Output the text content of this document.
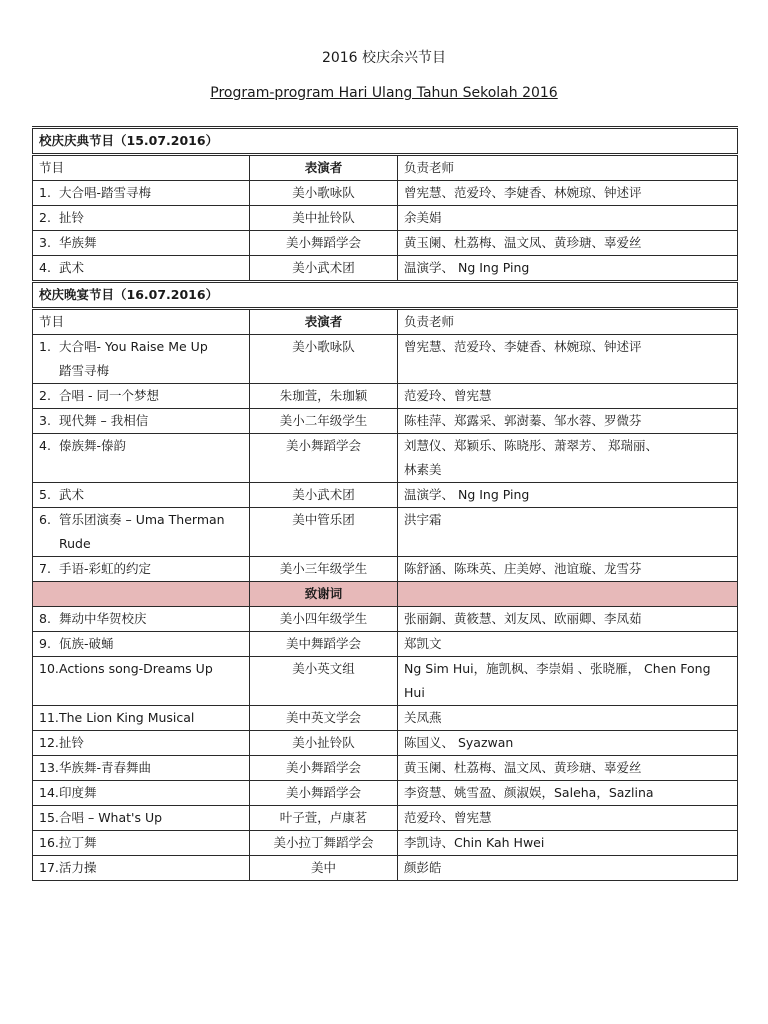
2016 校庆余兴节目
Program-program Hari Ulang Tahun Sekolah 2016
校庆庆典节目（15.07.2016）		
节目	表演者	负责老师

1. 大合唱-踏雪寻梅	美小歌咏队	曾宪慧、范爱玲、李婕香、林婉琼、钟述评

2. 扯铃	美中扯铃队	余美娟

3. 华族舞	美小舞蹈学会	黄玉阑、杜荔梅、温文凤、黄珍瑭、辜爱丝

4. 武术	美小武术团	温演学、 Ng Ing Ping
校庆晚宴节目（16.07.2016）		
节目	表演者	负责老师

1. 大合唱- You Raise Me Up
踏雪寻梅	美小歌咏队	曾宪慧、范爱玲、李婕香、林婉琼、钟述评

2. 合唱 - 同一个梦想	朱珈萱，朱珈颖	范爱玲、曾宪慧

3. 现代舞 – 我相信	美小二年级学生	陈桂萍、郑露采、郭澍蓁、邹水蓉、罗微芬

4. 傣族舞-傣韵	美小舞蹈学会	刘慧仪、郑颖乐、陈晓彤、萧翠芳、 郑瑞丽、
林素美

5. 武术	美小武术团	温演学、 Ng Ing Ping

6. 管乐团演奏 – Uma Therman
Rude	美中管乐团	洪宇霜

7. 手语-彩虹的约定	美小三年级学生	陈舒涵、陈珠英、庄美婷、池谊璇、龙雪芬

	致谢词	

8. 舞动中华贺校庆	美小四年级学生	张丽銅、黄筱慧、刘友凤、欧丽卿、李凤茹

9. 佤族-破蛹	美中舞蹈学会	郑凯文

10. Actions song-Dreams Up	美小英文组	Ng Sim Hui，施凯枫、李崇娟 、张晓雁， Chen Fong Hui

11. The Lion King Musical	美中英文学会	关凤燕

12. 扯铃	美小扯铃队	陈国义、 Syazwan

13. 华族舞-青春舞曲	美小舞蹈学会	黄玉阑、杜荔梅、温文凤、黄珍瑭、辜爱丝

14. 印度舞	美小舞蹈学会	李资慧、姚雪盈、颜淑娱，Saleha，Sazlina

15. 合唱 – What's Up	叶子萱，卢康茗	范爱玲、曾宪慧

16. 拉丁舞	美小拉丁舞蹈学会	李凯诗、Chin Kah Hwei

17. 活力操	美中	颜彭皓
